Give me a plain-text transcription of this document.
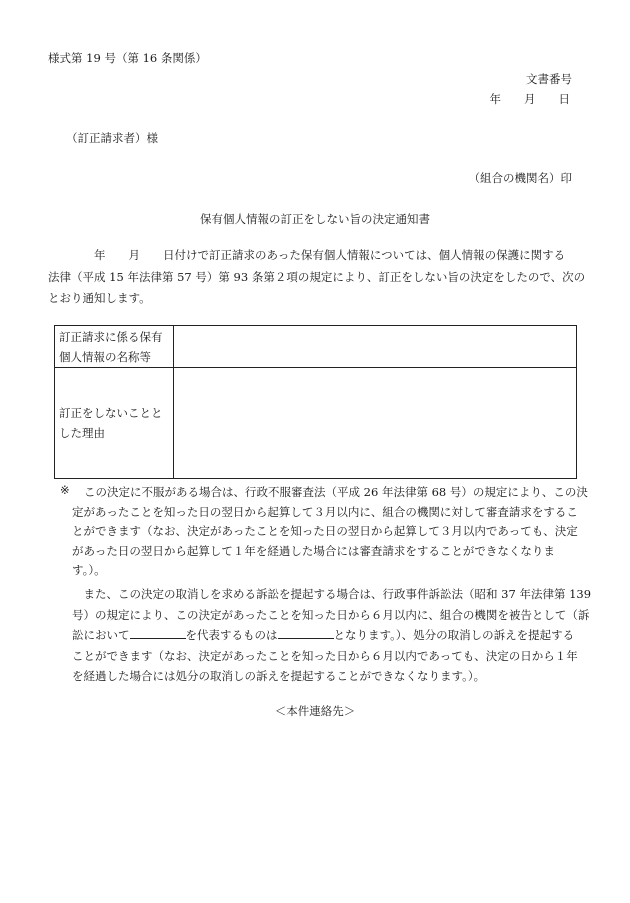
様式第 19 号（第 16 条関係）
文書番号
年　　月　　日
（訂正請求者）様
（組合の機関名）印
保有個人情報の訂正をしない旨の決定通知書
　　　　年　　月　　日付けで訂正請求のあった保有個人情報については、個人情報の保護に関する
法律（平成 15 年法律第 57 号）第 93 条第２項の規定により、訂正をしない旨の決定をしたので、次の
とおり通知します。
訂正請求に係る保有
個人情報の名称等	

訂正をしないことと
した理由	

※ この決定に不服がある場合は、行政不服審査法（平成 26 年法律第 68 号）の規定により、この決
定があったことを知った日の翌日から起算して３月以内に、組合の機関に対して審査請求をするこ
とができます（なお、決定があったことを知った日の翌日から起算して３月以内であっても、決定
があった日の翌日から起算して１年を経過した場合には審査請求をすることができなくなりま
す。）。
　また、この決定の取消しを求める訴訟を提起する場合は、行政事件訴訟法（昭和 37 年法律第 139
号）の規定により、この決定があったことを知った日から６月以内に、組合の機関を被告として（訴
訟において	を代表するものは	となります。）、処分の取消しの訴えを提起する
ことができます（なお、決定があったことを知った日から６月以内であっても、決定の日から１年
を経過した場合には処分の取消しの訴えを提起することができなくなります。）。
＜本件連絡先＞
